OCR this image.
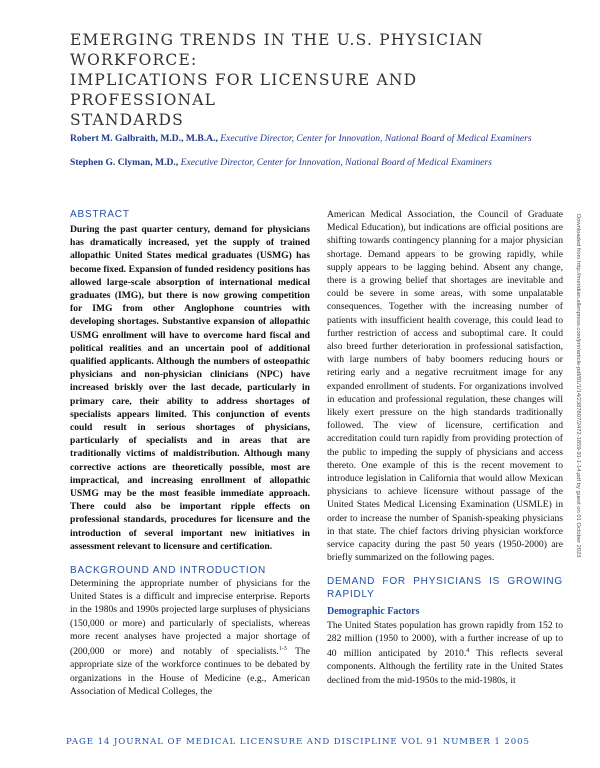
EMERGING TRENDS IN THE U.S. PHYSICIAN WORKFORCE:
IMPLICATIONS FOR LICENSURE AND PROFESSIONAL
STANDARDS
Robert M. Galbraith, M.D., M.B.A., Executive Director, Center for Innovation, National Board of Medical Examiners
Stephen G. Clyman, M.D., Executive Director, Center for Innovation, National Board of Medical Examiners
ABSTRACT
During the past quarter century, demand for physicians has dramatically increased, yet the supply of trained allopathic United States medical graduates (USMG) has become fixed. Expansion of funded residency positions has allowed large-scale absorption of international medical graduates (IMG), but there is now growing competition for IMG from other Anglophone countries with developing shortages. Substantive expansion of allopathic USMG enrollment will have to overcome hard fiscal and political realities and an uncertain pool of additional qualified applicants. Although the numbers of osteopathic physicians and non-physician clinicians (NPC) have increased briskly over the last decade, particularly in primary care, their ability to address shortages of specialists appears limited. This conjunction of events could result in serious shortages of physicians, particularly of specialists and in areas that are traditionally victims of maldistribution. Although many corrective actions are theoretically possible, most are impractical, and increasing enrollment of allopathic USMG may be the most feasible immediate approach. There could also be important ripple effects on professional standards, procedures for licensure and the introduction of several important new initiatives in assessment relevant to licensure and certification.
BACKGROUND AND INTRODUCTION
Determining the appropriate number of physicians for the United States is a difficult and imprecise enterprise. Reports in the 1980s and 1990s projected large surpluses of physicians (150,000 or more) and particularly of specialists, whereas more recent analyses have projected a major shortage of (200,000 or more) and notably of specialists.$^{1-3}$ The appropriate size of the workforce continues to be debated by organizations in the House of Medicine (e.g., American Association of Medical Colleges, the
American Medical Association, the Council of Graduate Medical Education), but indications are official positions are shifting towards contingency planning for a major physician shortage. Demand appears to be growing rapidly, while supply appears to be lagging behind. Absent any change, there is a growing belief that shortages are inevitable and could be severe in some areas, with some unpalatable consequences. Together with the increasing number of patients with insufficient health coverage, this could lead to further restriction of access and suboptimal care. It could also breed further deterioration in professional satisfaction, with large numbers of baby boomers reducing hours or retiring early and a negative recruitment image for any expanded enrollment of students. For organizations involved in education and professional regulation, these changes will likely exert pressure on the high standards traditionally followed. The view of licensure, certification and accreditation could turn rapidly from providing protection of the public to impeding the supply of physicians and access thereto. One example of this is the recent movement to introduce legislation in California that would allow Mexican physicians to achieve licensure without passage of the United States Medical Licensing Examination (USMLE) in order to increase the number of Spanish-speaking physicians in that state. The chief factors driving physician workforce service capacity during the past 50 years (1950-2000) are briefly summarized on the following pages.
DEMAND FOR PHYSICIANS IS GROWING RAPIDLY
Demographic Factors
The United States population has grown rapidly from 152 to 282 million (1950 to 2000), with a further increase of up to 40 million anticipated by 2010.$^4$ This reflects several components. Although the fertility rate in the United States declined from the mid-1950s to the mid-1980s, it
Downloaded from http://meridian.allenpress.com/jmr/article-pdf/91/1/14/2387807/2472-1859-91-1-14.pdf by guest on 01 October 2023
PAGE 14 JOURNAL OF MEDICAL LICENSURE AND DISCIPLINE VOL 91 NUMBER 1 2005
